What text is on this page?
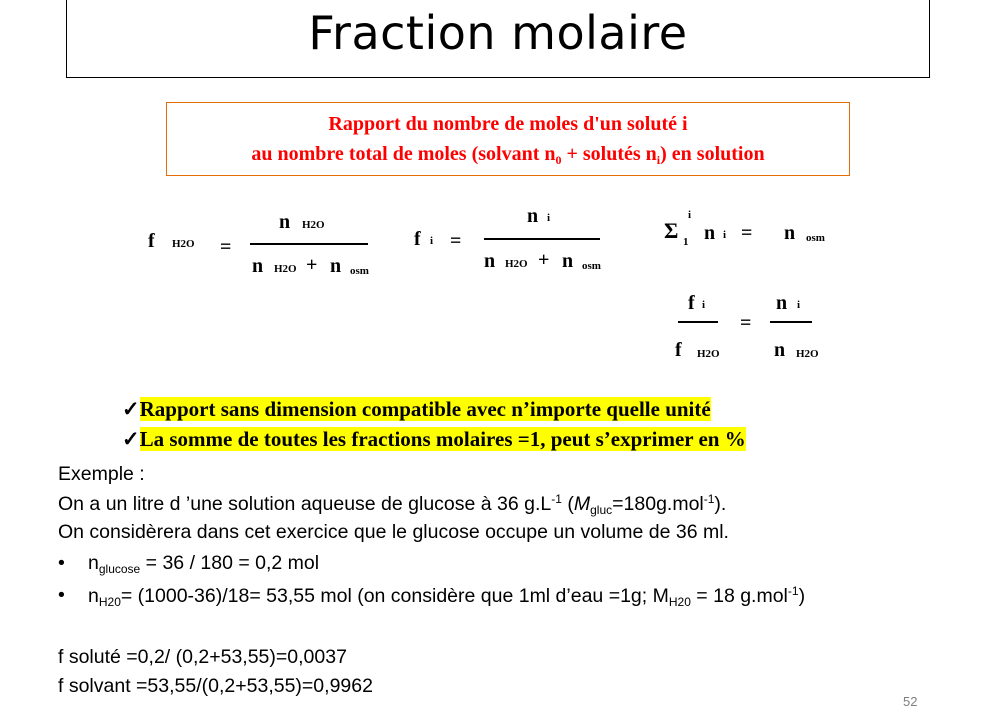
Fraction molaire
Rapport du nombre de moles d'un soluté i
au nombre total de moles (solvant $n_0$ + solutés $n_i$) en solution
f H2O =
n H2O
n H2O + n osm
f i =
n i
n H2O + n osm
Σ 1
i
n i = n osm
f i
f H2O
=
n i
n H2O
✓Rapport sans dimension compatible avec n’importe quelle unité
✓La somme de toutes les fractions molaires =1, peut s’exprimer en %
Exemple :
On a un litre d ’une solution aqueuse de glucose à 36 $g.L^{-1}$ $(M_{gluc}=180g.mol^{-1})$.
On considèrera dans cet exercice que le glucose occupe un volume de 36 ml.
• $n_{glucose} = 36 / 180 = 0,2$ mol
• $n_{H20}= (1000-36)/18= 53,55$ mol (on considère que 1ml d’eau =1g; $M_{H20} = 18$ g.mol$^{-1}$)
f soluté =0,2/ (0,2+53,55)=0,0037
f solvant =53,55/(0,2+53,55)=0,9962
52
